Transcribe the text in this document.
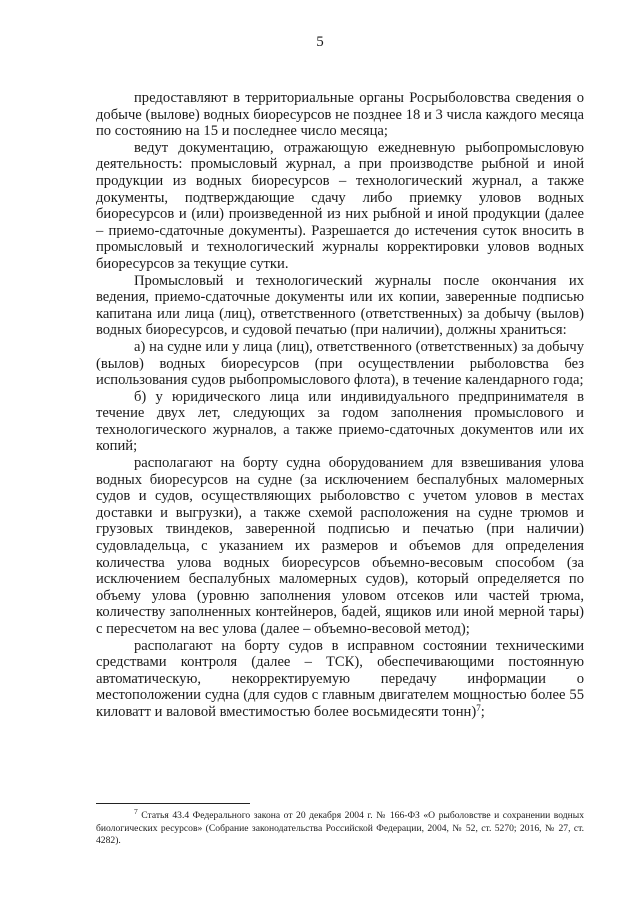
5

предоставляют в территориальные органы Росрыболовства сведения о добыче (вылове) водных биоресурсов не позднее 18 и 3 числа каждого месяца по состоянию на 15 и последнее число месяца;

ведут документацию, отражающую ежедневную рыбопромысловую деятельность: промысловый журнал, а при производстве рыбной и иной продукции из водных биоресурсов – технологический журнал, а также документы, подтверждающие сдачу либо приемку уловов водных биоресурсов и (или) произведенной из них рыбной и иной продукции (далее – приемо-сдаточные документы). Разрешается до истечения суток вносить в промысловый и технологический журналы корректировки уловов водных биоресурсов за текущие сутки.

Промысловый и технологический журналы после окончания их ведения, приемо-сдаточные документы или их копии, заверенные подписью капитана или лица (лиц), ответственного (ответственных) за добычу (вылов) водных биоресурсов, и судовой печатью (при наличии), должны храниться:

а) на судне или у лица (лиц), ответственного (ответственных) за добычу (вылов) водных биоресурсов (при осуществлении рыболовства без использования судов рыбопромыслового флота), в течение календарного года;

б) у юридического лица или индивидуального предпринимателя в течение двух лет, следующих за годом заполнения промыслового и технологического журналов, а также приемо-сдаточных документов или их копий;

располагают на борту судна оборудованием для взвешивания улова водных биоресурсов на судне (за исключением беспалубных маломерных судов и судов, осуществляющих рыболовство с учетом уловов в местах доставки и выгрузки), а также схемой расположения на судне трюмов и грузовых твиндеков, заверенной подписью и печатью (при наличии) судовладельца, с указанием их размеров и объемов для определения количества улова водных биоресурсов объемно-весовым способом (за исключением беспалубных маломерных судов), который определяется по объему улова (уровню заполнения уловом отсеков или частей трюма, количеству заполненных контейнеров, бадей, ящиков или иной мерной тары) с пересчетом на вес улова (далее – объемно-весовой метод);

располагают на борту судов в исправном состоянии техническими средствами контроля (далее – ТСК), обеспечивающими постоянную автоматическую, некорректируемую передачу информации о местоположении судна (для судов с главным двигателем мощностью более 55 киловатт и валовой вместимостью более восьмидесяти тонн)$^7$;

$^7$ Статья 43.4 Федерального закона от 20 декабря 2004 г. № 166-ФЗ «О рыболовстве и сохранении водных биологических ресурсов» (Собрание законодательства Российской Федерации, 2004, № 52, ст. 5270; 2016, № 27, ст. 4282).
